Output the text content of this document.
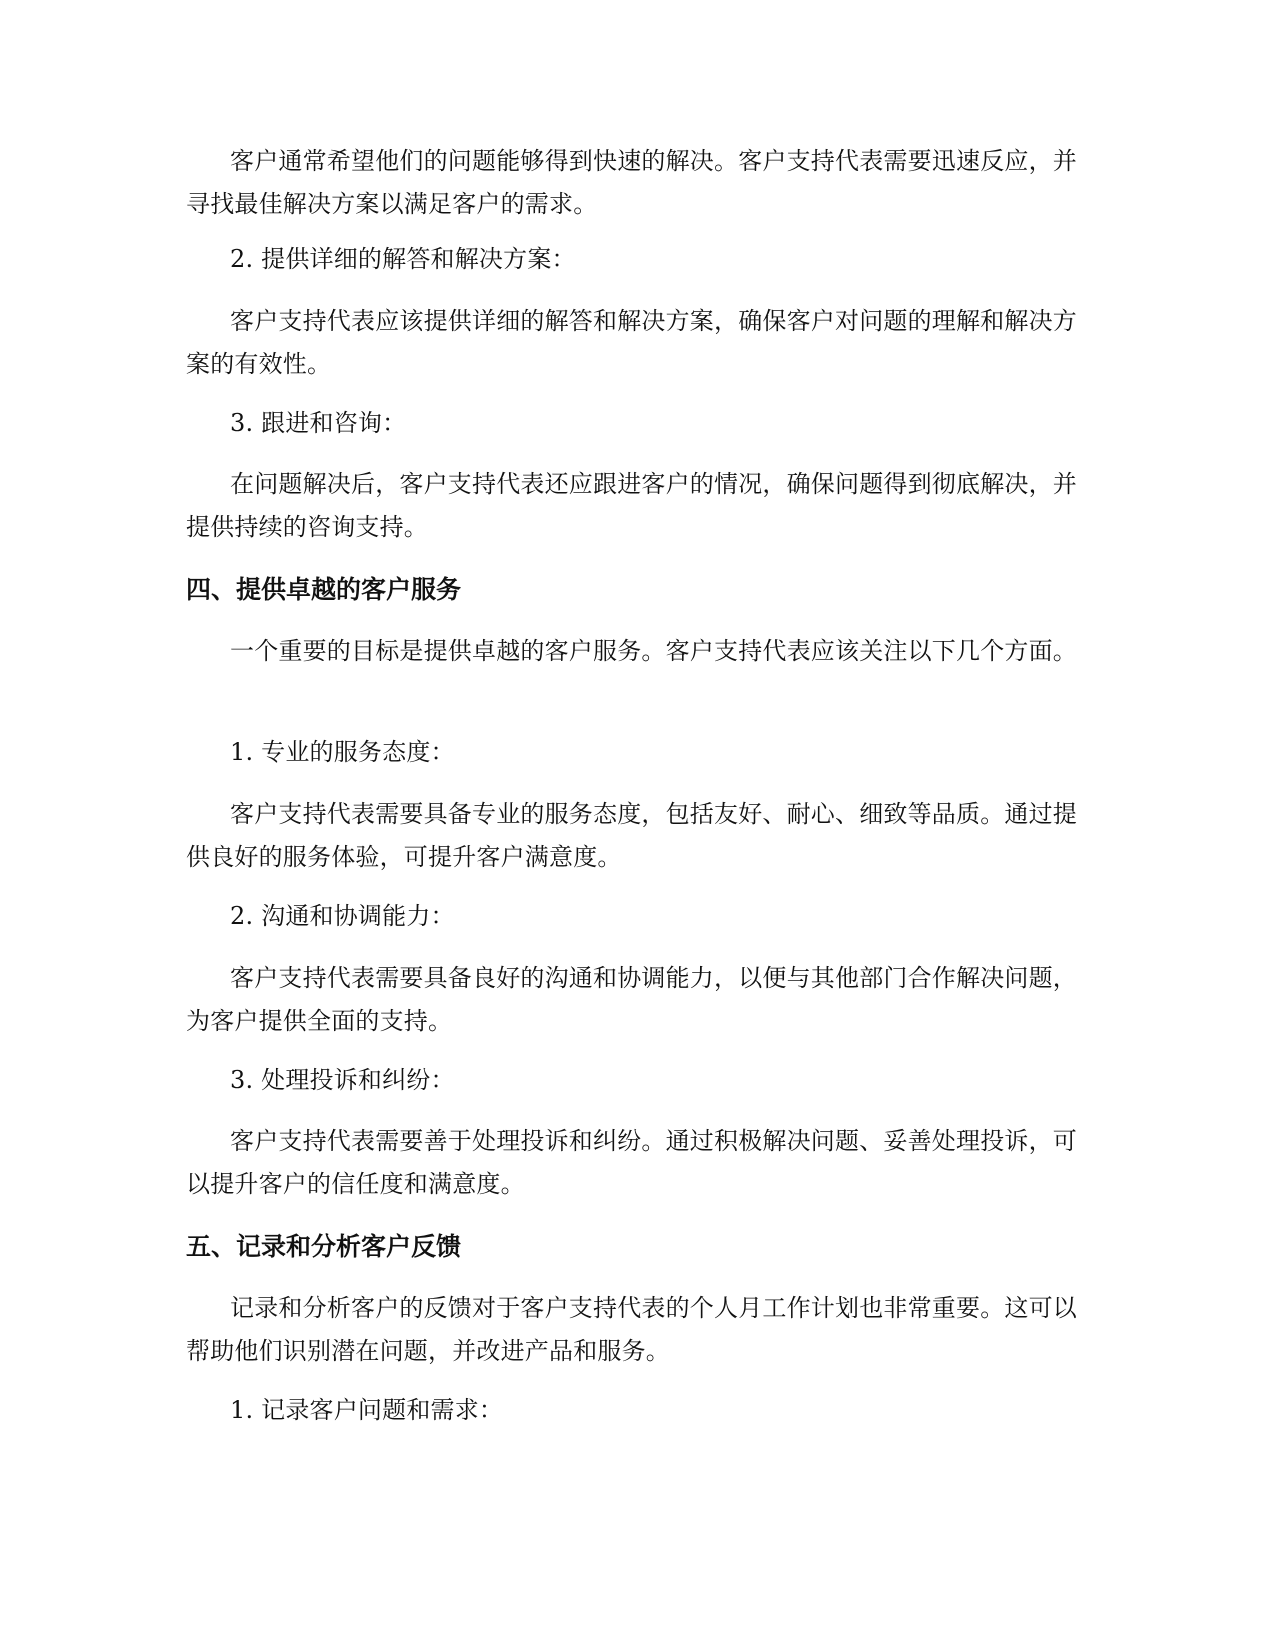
客户通常希望他们的问题能够得到快速的解决。客户支持代表需要迅速反应，并寻找最佳解决方案以满足客户的需求。

2. 提供详细的解答和解决方案：

客户支持代表应该提供详细的解答和解决方案，确保客户对问题的理解和解决方案的有效性。

3. 跟进和咨询：

在问题解决后，客户支持代表还应跟进客户的情况，确保问题得到彻底解决，并提供持续的咨询支持。

四、提供卓越的客户服务

一个重要的目标是提供卓越的客户服务。客户支持代表应该关注以下几个方面。

1. 专业的服务态度：

客户支持代表需要具备专业的服务态度，包括友好、耐心、细致等品质。通过提供良好的服务体验，可提升客户满意度。

2. 沟通和协调能力：

客户支持代表需要具备良好的沟通和协调能力，以便与其他部门合作解决问题，为客户提供全面的支持。

3. 处理投诉和纠纷：

客户支持代表需要善于处理投诉和纠纷。通过积极解决问题、妥善处理投诉，可以提升客户的信任度和满意度。

五、记录和分析客户反馈

记录和分析客户的反馈对于客户支持代表的个人月工作计划也非常重要。这可以帮助他们识别潜在问题，并改进产品和服务。

1. 记录客户问题和需求：
